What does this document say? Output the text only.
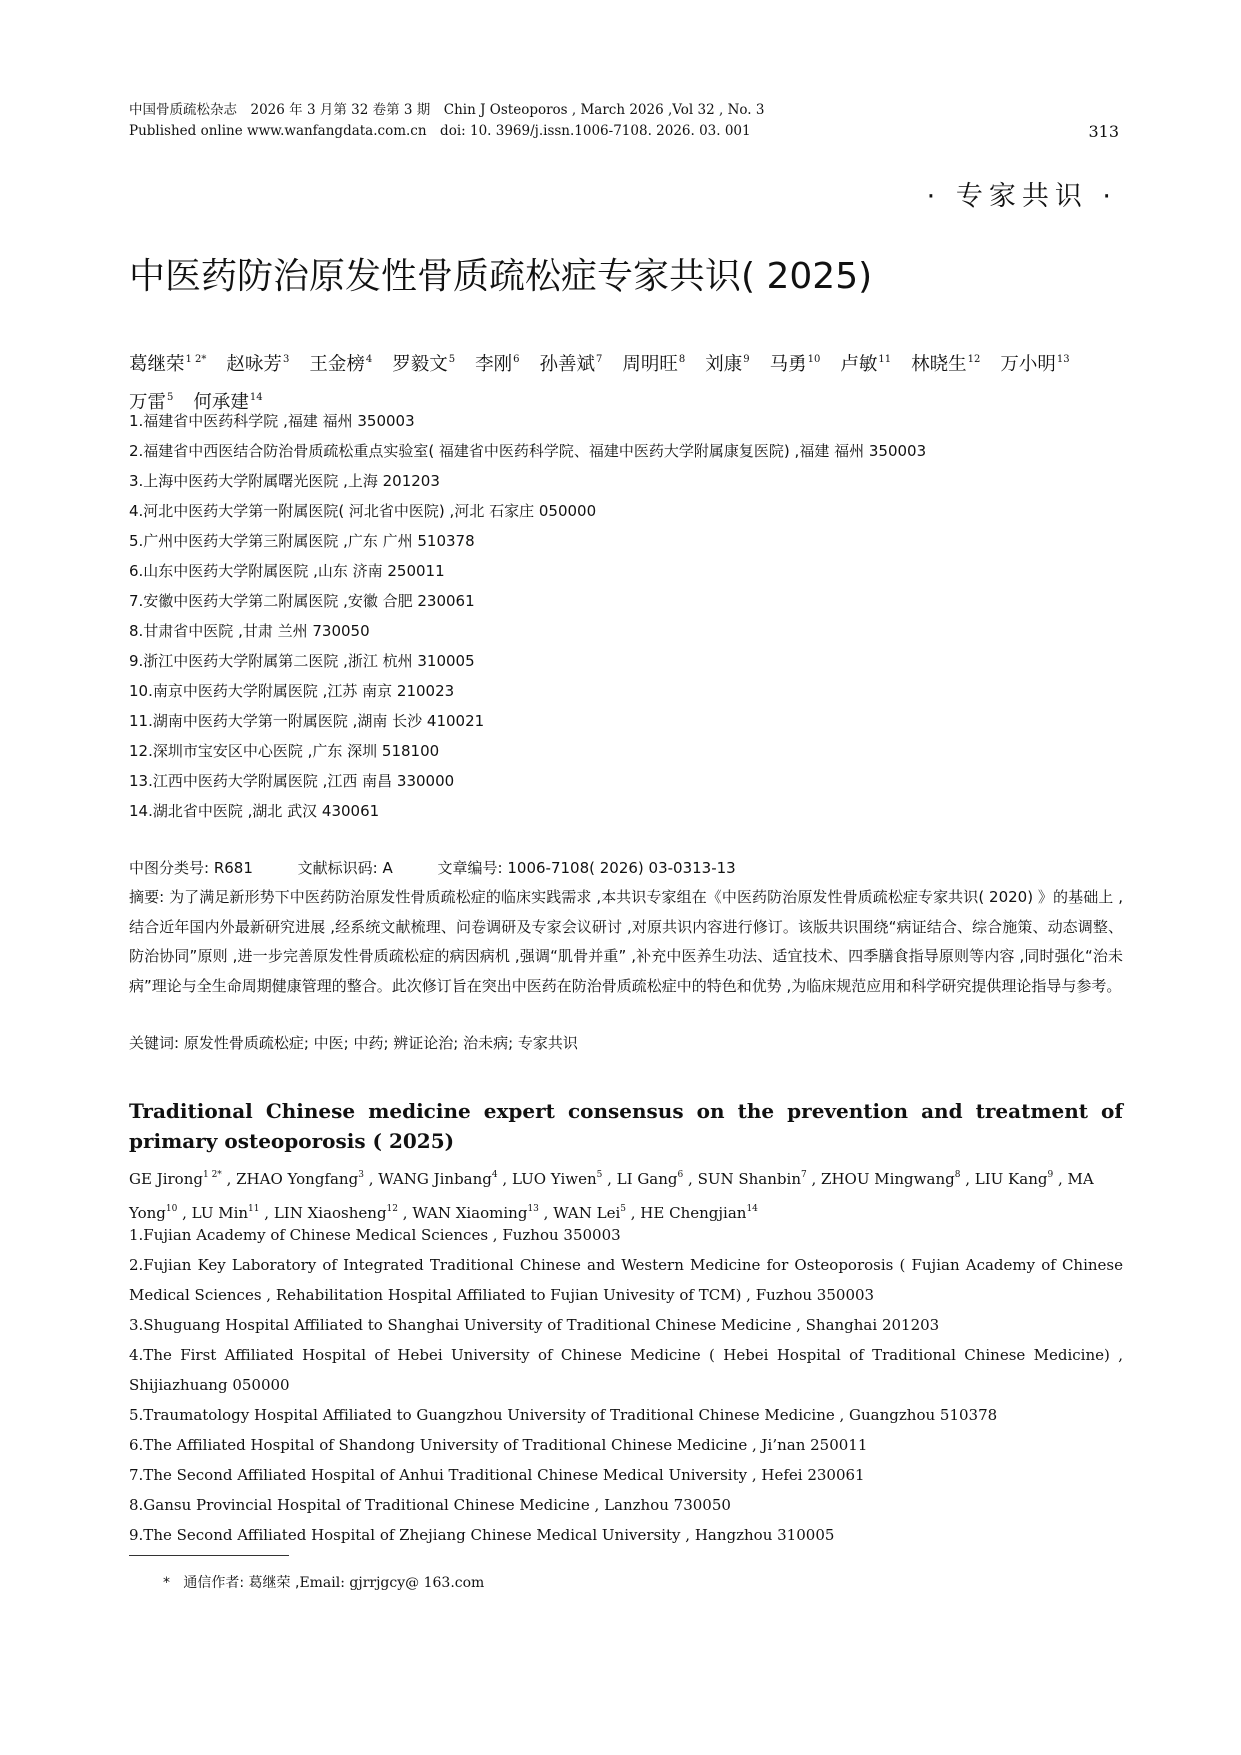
中国骨质疏松杂志　2026 年 3 月第 32 卷第 3 期　Chin J Osteoporos , March 2026 ,Vol 32 , No. 3
Published online www.wanfangdata.com.cn　doi: 10. 3969/j.issn.1006-7108. 2026. 03. 001	313
· 专家共识 ·
中医药防治原发性骨质疏松症专家共识( 2025)
葛继荣$^{1 2*}$ 赵咏芳$^3$ 王金榜$^4$ 罗毅文$^5$ 李刚$^6$ 孙善斌$^7$ 周明旺$^8$ 刘康$^9$ 马勇$^{10}$ 卢敏$^{11}$ 林晓生$^{12}$ 万小明$^{13}$万雷$^5$ 何承建$^{14}$
1.福建省中医药科学院 ,福建 福州 350003
2.福建省中西医结合防治骨质疏松重点实验室( 福建省中医药科学院、福建中医药大学附属康复医院) ,福建 福州 350003
3.上海中医药大学附属曙光医院 ,上海 201203
4.河北中医药大学第一附属医院( 河北省中医院) ,河北 石家庄 050000
5.广州中医药大学第三附属医院 ,广东 广州 510378
6.山东中医药大学附属医院 ,山东 济南 250011
7.安徽中医药大学第二附属医院 ,安徽 合肥 230061
8.甘肃省中医院 ,甘肃 兰州 730050
9.浙江中医药大学附属第二医院 ,浙江 杭州 310005
10.南京中医药大学附属医院 ,江苏 南京 210023
11.湖南中医药大学第一附属医院 ,湖南 长沙 410021
12.深圳市宝安区中心医院 ,广东 深圳 518100
13.江西中医药大学附属医院 ,江西 南昌 330000
14.湖北省中医院 ,湖北 武汉 430061
中图分类号: R681	文献标识码: A	文章编号: 1006-7108( 2026) 03-0313-13
摘要: 为了满足新形势下中医药防治原发性骨质疏松症的临床实践需求 ,本共识专家组在《中医药防治原发性骨质疏松症专家共识( 2020) 》的基础上 ,结合近年国内外最新研究进展 ,经系统文献梳理、问卷调研及专家会议研讨 ,对原共识内容进行修订。该版共识围绕“病证结合、综合施策、动态调整、防治协同”原则 ,进一步完善原发性骨质疏松症的病因病机 ,强调“肌骨并重” ,补充中医养生功法、适宜技术、四季膳食指导原则等内容 ,同时强化“治未病”理论与全生命周期健康管理的整合。此次修订旨在突出中医药在防治骨质疏松症中的特色和优势 ,为临床规范应用和科学研究提供理论指导与参考。
关键词: 原发性骨质疏松症; 中医; 中药; 辨证论治; 治未病; 专家共识
Traditional Chinese medicine expert consensus on the prevention and treatment of primary osteoporosis ( 2025)
GE Jirong$^{1 2*}$ , ZHAO Yongfang$^3$ , WANG Jinbang$^4$ , LUO Yiwen$^5$ , LI Gang$^6$ , SUN Shanbin$^7$ , ZHOU Mingwang$^8$ , LIU Kang$^9$ , MA Yong$^{10}$ , LU Min$^{11}$ , LIN Xiaosheng$^{12}$ , WAN Xiaoming$^{13}$ , WAN Lei$^5$ , HE Chengjian$^{14}$
1.Fujian Academy of Chinese Medical Sciences , Fuzhou 350003
2.Fujian Key Laboratory of Integrated Traditional Chinese and Western Medicine for Osteoporosis ( Fujian Academy of Chinese Medical Sciences , Rehabilitation Hospital Affiliated to Fujian Univesity of TCM) , Fuzhou 350003
3.Shuguang Hospital Affiliated to Shanghai University of Traditional Chinese Medicine , Shanghai 201203
4.The First Affiliated Hospital of Hebei University of Chinese Medicine ( Hebei Hospital of Traditional Chinese Medicine) , Shijiazhuang 050000
5.Traumatology Hospital Affiliated to Guangzhou University of Traditional Chinese Medicine , Guangzhou 510378
6.The Affiliated Hospital of Shandong University of Traditional Chinese Medicine , Ji’nan 250011
7.The Second Affiliated Hospital of Anhui Traditional Chinese Medical University , Hefei 230061
8.Gansu Provincial Hospital of Traditional Chinese Medicine , Lanzhou 730050
9.The Second Affiliated Hospital of Zhejiang Chinese Medical University , Hangzhou 310005
* 通信作者: 葛继荣 ,Email: gjrrjgcy@ 163.com
